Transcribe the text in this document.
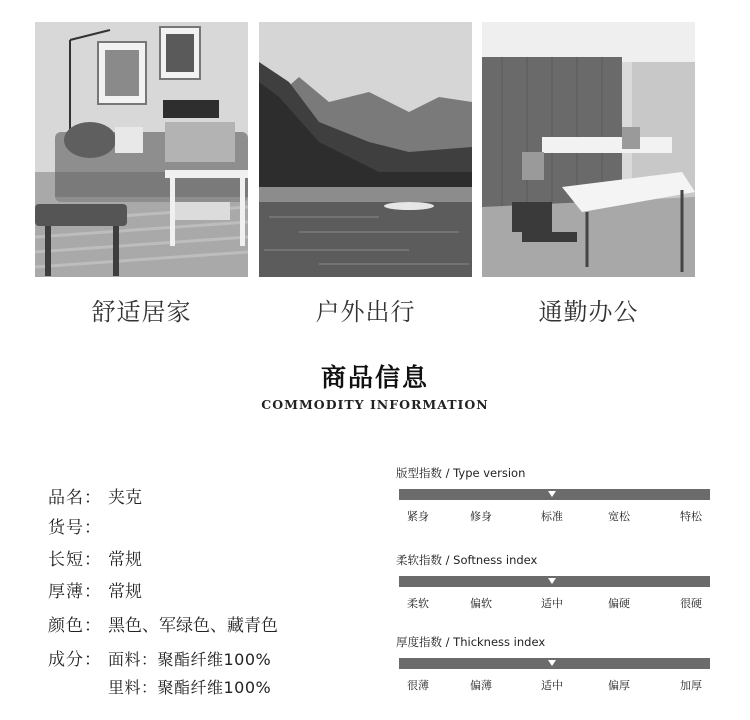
舒适居家	户外出行	通勤办公
商品信息
COMMODITY INFORMATION
品名： 夹克
货号：
长短： 常规
厚薄： 常规
颜色： 黑色、军绿色、藏青色
成分： 面料：聚酯纤维100%
里料：聚酯纤维100%
版型指数 / Type version
紧身	修身	标准	宽松	特松
柔软指数 / Softness index
柔软	偏软	适中	偏硬	很硬
厚度指数 / Thickness index
很薄	偏薄	适中	偏厚	加厚
